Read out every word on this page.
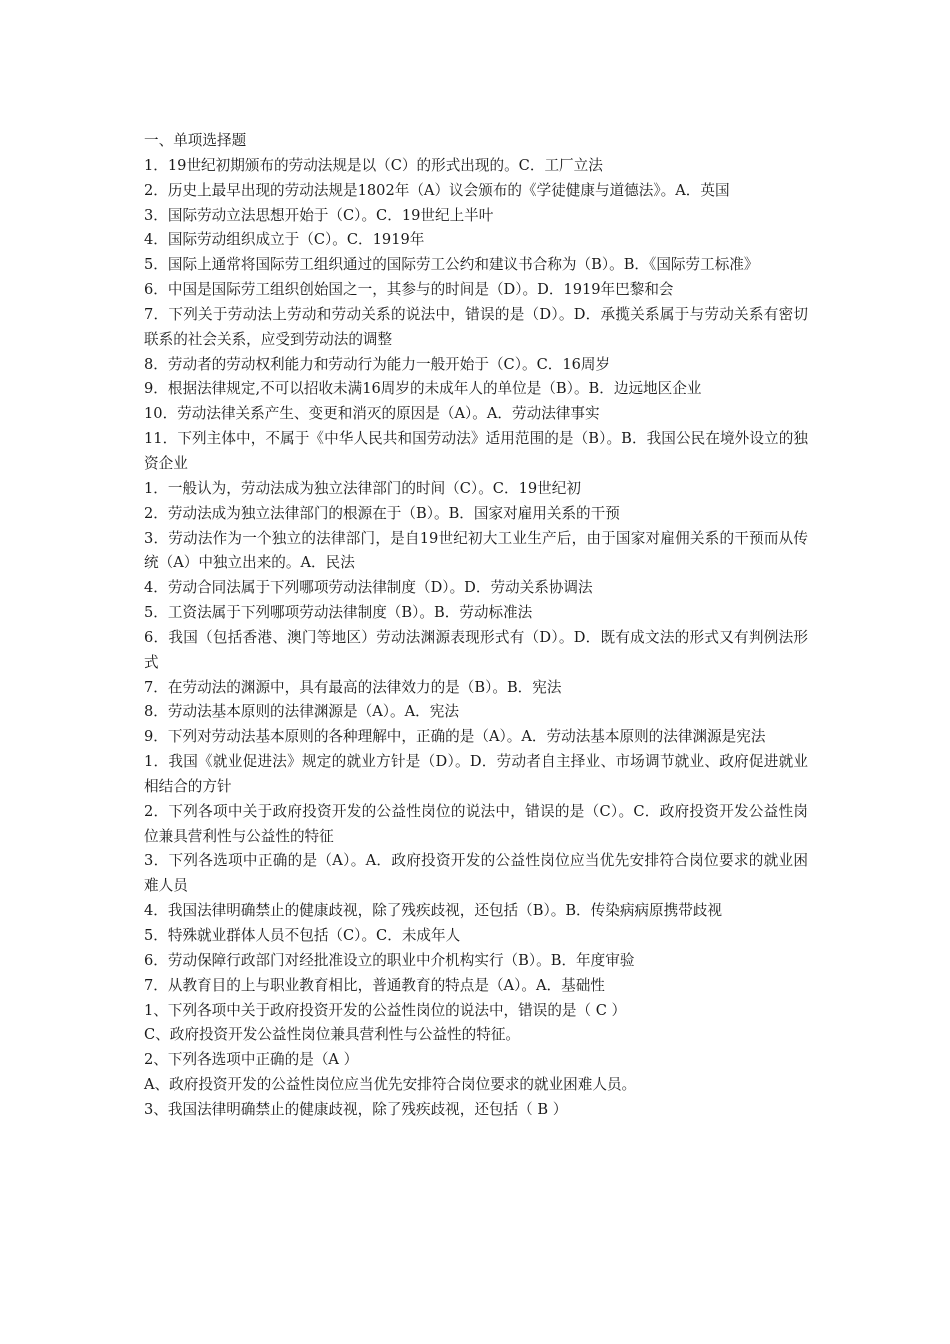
一、单项选择题

1．19世纪初期颁布的劳动法规是以（C）的形式出现的。C．工厂立法

2．历史上最早出现的劳动法规是1802年（A）议会颁布的《学徒健康与道德法》。A．英国

3．国际劳动立法思想开始于（C）。C．19世纪上半叶

4．国际劳动组织成立于（C）。C．1919年

5．国际上通常将国际劳工组织通过的国际劳工公约和建议书合称为（B）。B．《国际劳工标准》

6．中国是国际劳工组织创始国之一，其参与的时间是（D）。D．1919年巴黎和会

7．下列关于劳动法上劳动和劳动关系的说法中，错误的是（D）。D．承揽关系属于与劳动关系有密切联系的社会关系，应受到劳动法的调整

8．劳动者的劳动权利能力和劳动行为能力一般开始于（C）。C．16周岁

9．根据法律规定,不可以招收未满16周岁的未成年人的单位是（B）。B．边远地区企业

10．劳动法律关系产生、变更和消灭的原因是（A）。A．劳动法律事实

11．下列主体中，不属于《中华人民共和国劳动法》适用范围的是（B）。B．我国公民在境外设立的独资企业

1．一般认为，劳动法成为独立法律部门的时间（C）。C．19世纪初

2．劳动法成为独立法律部门的根源在于（B）。B．国家对雇用关系的干预

3．劳动法作为一个独立的法律部门，是自19世纪初大工业生产后，由于国家对雇佣关系的干预而从传统（A）中独立出来的。A．民法

4．劳动合同法属于下列哪项劳动法律制度（D）。D．劳动关系协调法

5．工资法属于下列哪项劳动法律制度（B）。B．劳动标准法

6．我国（包括香港、澳门等地区）劳动法渊源表现形式有（D）。D．既有成文法的形式又有判例法形式

7．在劳动法的渊源中，具有最高的法律效力的是（B）。B．宪法

8．劳动法基本原则的法律渊源是（A）。A．宪法

9．下列对劳动法基本原则的各种理解中，正确的是（A）。A．劳动法基本原则的法律渊源是宪法

1．我国《就业促进法》规定的就业方针是（D）。D．劳动者自主择业、市场调节就业、政府促进就业相结合的方针

2．下列各项中关于政府投资开发的公益性岗位的说法中，错误的是（C）。C．政府投资开发公益性岗位兼具营利性与公益性的特征

3．下列各选项中正确的是（A）。A．政府投资开发的公益性岗位应当优先安排符合岗位要求的就业困难人员

4．我国法律明确禁止的健康歧视，除了残疾歧视，还包括（B）。B．传染病病原携带歧视

5．特殊就业群体人员不包括（C）。C．未成年人

6．劳动保障行政部门对经批准设立的职业中介机构实行（B）。B．年度审验

7．从教育目的上与职业教育相比，普通教育的特点是（A）。A．基础性

1、下列各项中关于政府投资开发的公益性岗位的说法中，错误的是（ C ）

C、政府投资开发公益性岗位兼具营利性与公益性的特征。

2、下列各选项中正确的是（A ）

A、政府投资开发的公益性岗位应当优先安排符合岗位要求的就业困难人员。

3、我国法律明确禁止的健康歧视，除了残疾歧视，还包括（ B ）
